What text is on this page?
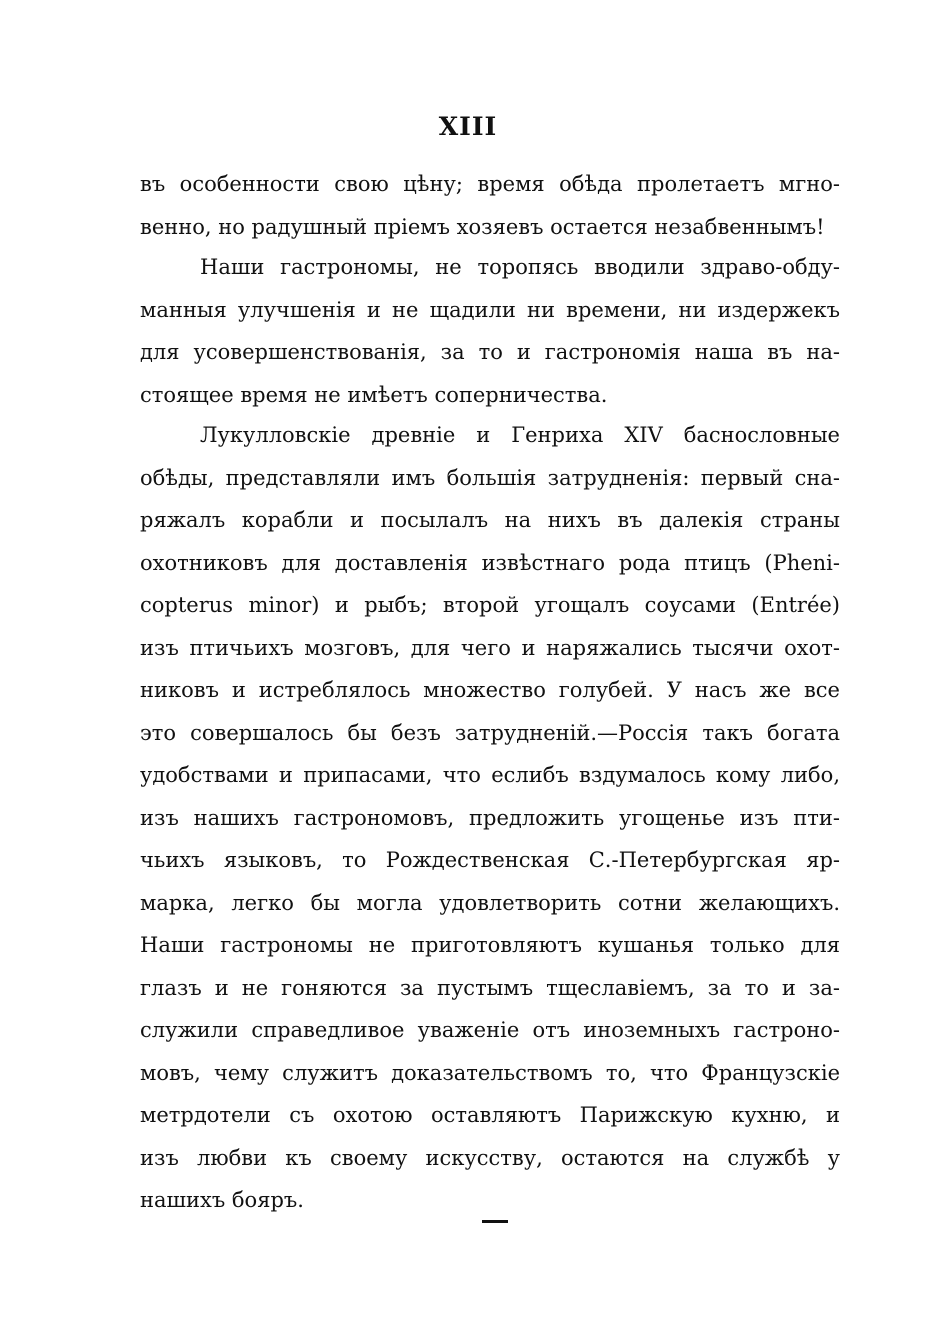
XIII
въ особенности свою цѣну; время обѣда пролетаетъ мгно-
венно, но радушный пріемъ хозяевъ остается незабвеннымъ!
Наши гастрономы, не торопясь вводили здраво-обду-
манныя улучшенія и не щадили ни времени, ни издержекъ
для усовершенствованія, за то и гастрономія наша въ на-
стоящее время не имѣетъ соперничества.
Лукулловскіе древніе и Генриха XIV баснословные
обѣды, представляли имъ большія затрудненія: первый сна-
ряжалъ корабли и посылалъ на нихъ въ далекія страны
охотниковъ для доставленія извѣстнаго рода птицъ (Pheni-
copterus minor) и рыбъ; второй угощалъ соусами (Entrée)
изъ птичьихъ мозговъ, для чего и наряжались тысячи охот-
никовъ и истреблялось множество голубей. У насъ же все
это совершалось бы безъ затрудненій.—Россія такъ богата
удобствами и припасами, что еслибъ вздумалось кому либо,
изъ нашихъ гастрономовъ, предложить угощенье изъ пти-
чьихъ языковъ, то Рождественская С.-Петербургская яр-
марка, легко бы могла удовлетворить сотни желающихъ.
Наши гастрономы не приготовляютъ кушанья только для
глазъ и не гоняются за пустымъ тщеславіемъ, за то и за-
служили справедливое уваженіе отъ иноземныхъ гастроно-
мовъ, чему служитъ доказательствомъ то, что Французскіе
метрдотели съ охотою оставляютъ Парижскую кухню, и
изъ любви къ своему искусству, остаются на службѣ у
нашихъ бояръ.
